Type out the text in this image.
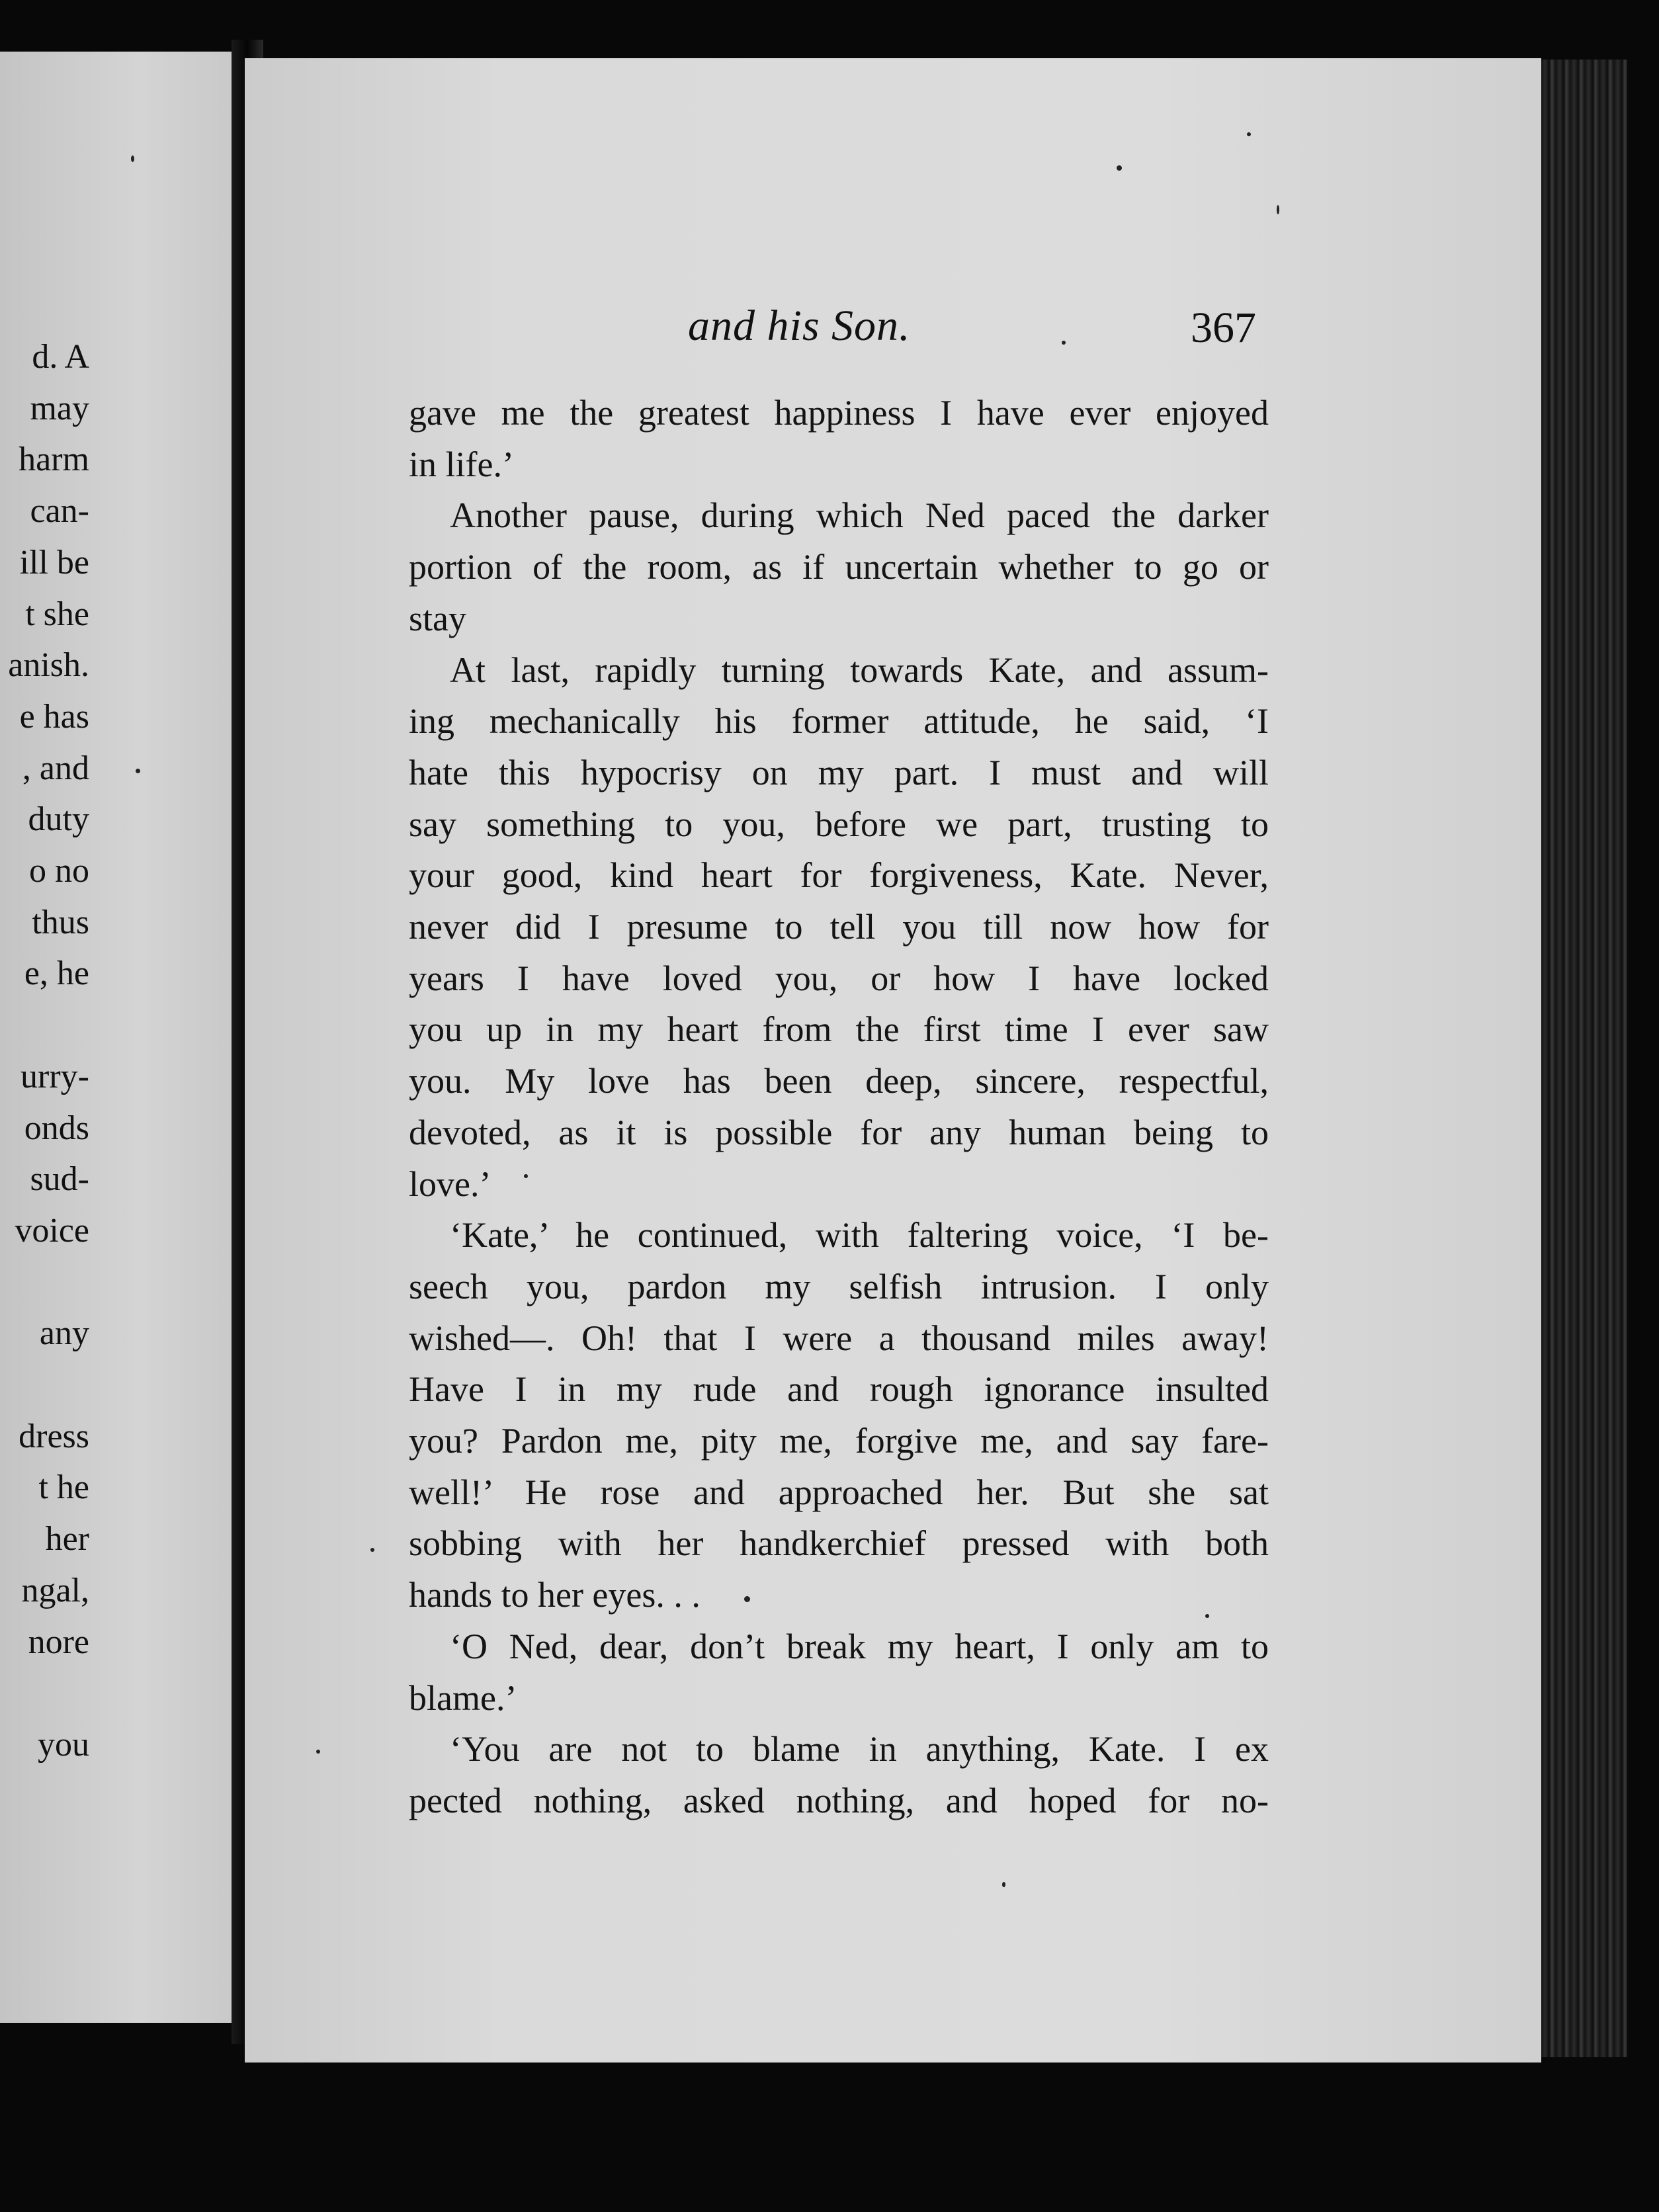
d. A
may
harm
can-
ill be
t she
anish.
e has
, and
duty
o no
thus
e, he
urry-
onds
sud-
voice
any
dress
t he
her
ngal,
nore
you
and his Son.	367
gave me the greatest happiness I have ever enjoyed
in life.’
Another pause, during which Ned paced the darker
portion of the room, as if uncertain whether to go or
stay
At last, rapidly turning towards Kate, and assum-
ing mechanically his former attitude, he said, ‘I
hate this hypocrisy on my part. I must and will
say something to you, before we part, trusting to
your good, kind heart for forgiveness, Kate. Never,
never did I presume to tell you till now how for
years I have loved you, or how I have locked
you up in my heart from the first time I ever saw
you. My love has been deep, sincere, respectful,
devoted, as it is possible for any human being to
love.’
‘Kate,’ he continued, with faltering voice, ‘I be-
seech you, pardon my selfish intrusion. I only
wished—. Oh! that I were a thousand miles away!
Have I in my rude and rough ignorance insulted
you? Pardon me, pity me, forgive me, and say fare-
well!’ He rose and approached her. But she sat
sobbing with her handkerchief pressed with both
hands to her eyes. . .
‘O Ned, dear, don’t break my heart, I only am to
blame.’
‘You are not to blame in anything, Kate. I ex
pected nothing, asked nothing, and hoped for no-
